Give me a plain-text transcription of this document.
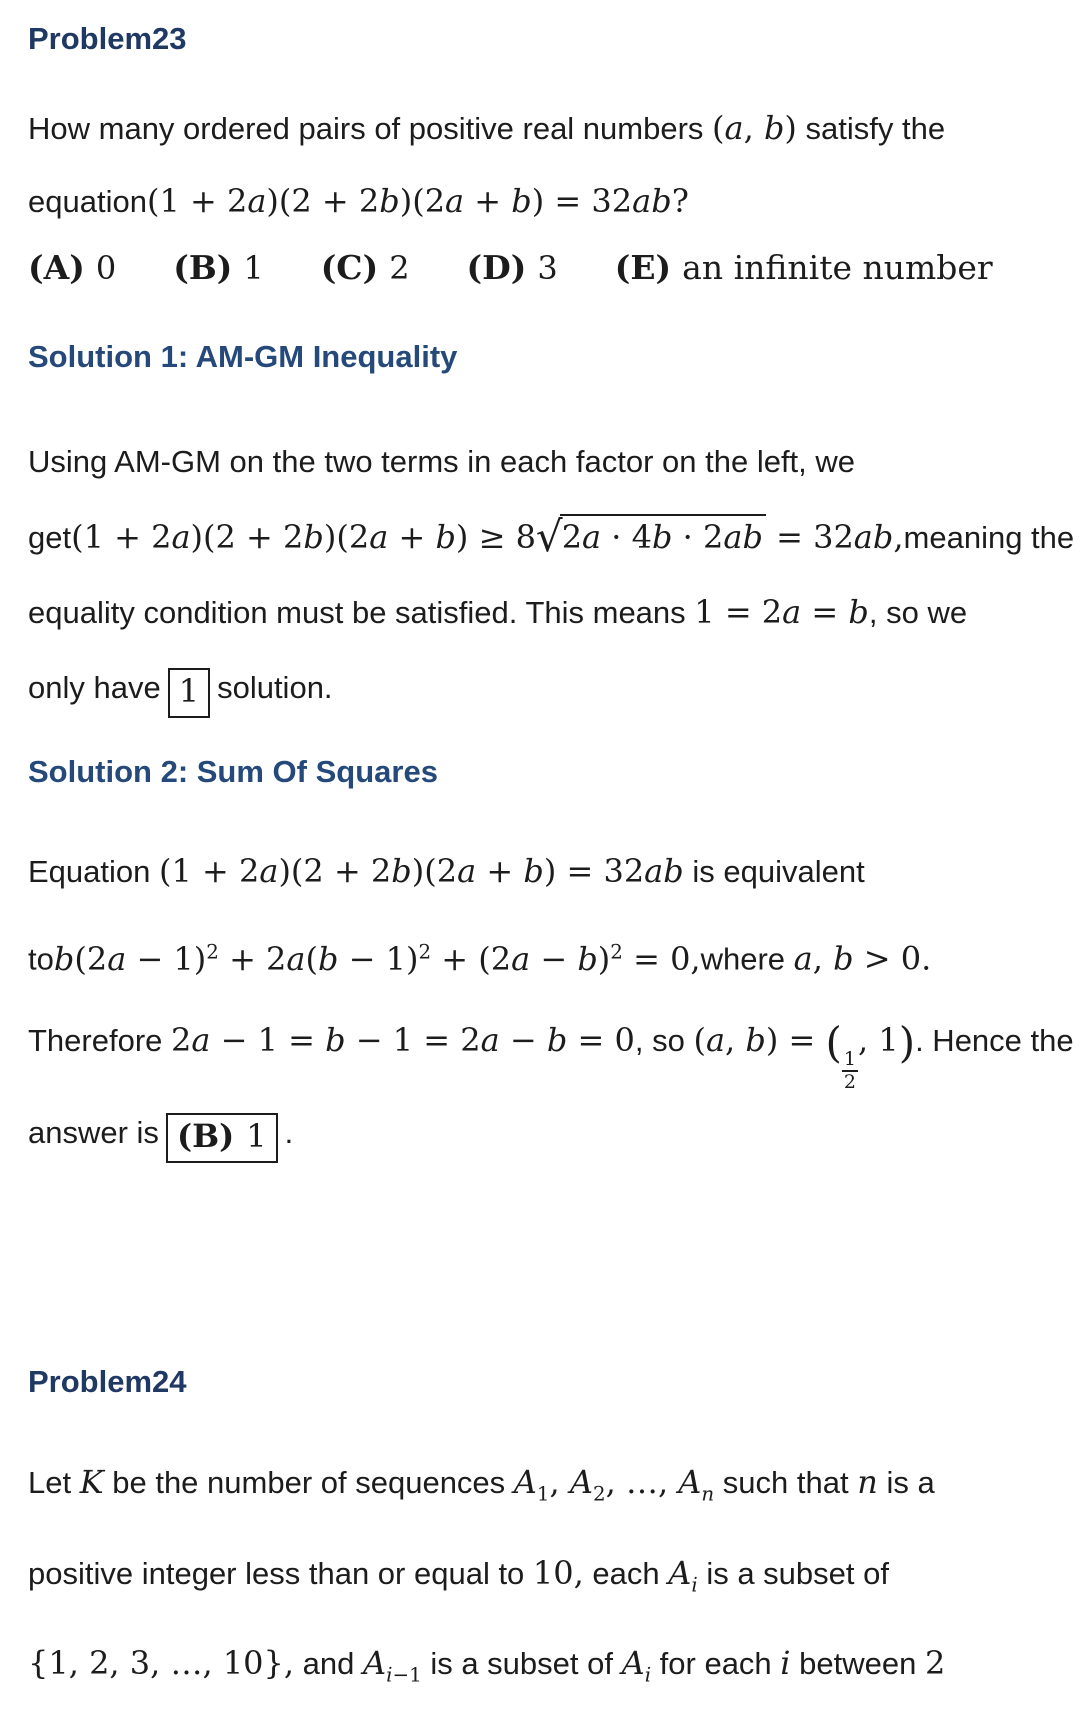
Problem23
How many ordered pairs of positive real numbers (a, b) satisfy the
equation(1 + 2a)(2 + 2b)(2a + b) = 32ab?
(A) 0 (B) 1 (C) 2 (D) 3 (E) an infinite number
Solution 1: AM-GM Inequality
Using AM-GM on the two terms in each factor on the left, we
get(1 + 2a)(2 + 2b)(2a + b) ≥ 8√2a · 4b · 2ab = 32ab,meaning the
equality condition must be satisfied. This means 1 = 2a = b, so we
only have 1 solution.
Solution 2: Sum Of Squares
Equation (1 + 2a)(2 + 2b)(2a + b) = 32ab is equivalent
$tob(2a - 1)^2 + 2a(b - 1)^2 + (2a - b)^2$ = 0,where a, b > 0.
Therefore 2a − 1 = b − 1 = 2a − b = 0, so (a, b) = (
$\frac{1}{2}$
, 1). Hence the
answer is (B) 1 .
Problem24
Let K be the number of sequences $A_1$, $A_2$, …, $A_n$ such that n is a
positive integer less than or equal to 10, each $A_i$ is a subset of
{1, 2, 3, …, 10}, and $A_{i-1}$ is a subset of $A_i$ for each i between 2
